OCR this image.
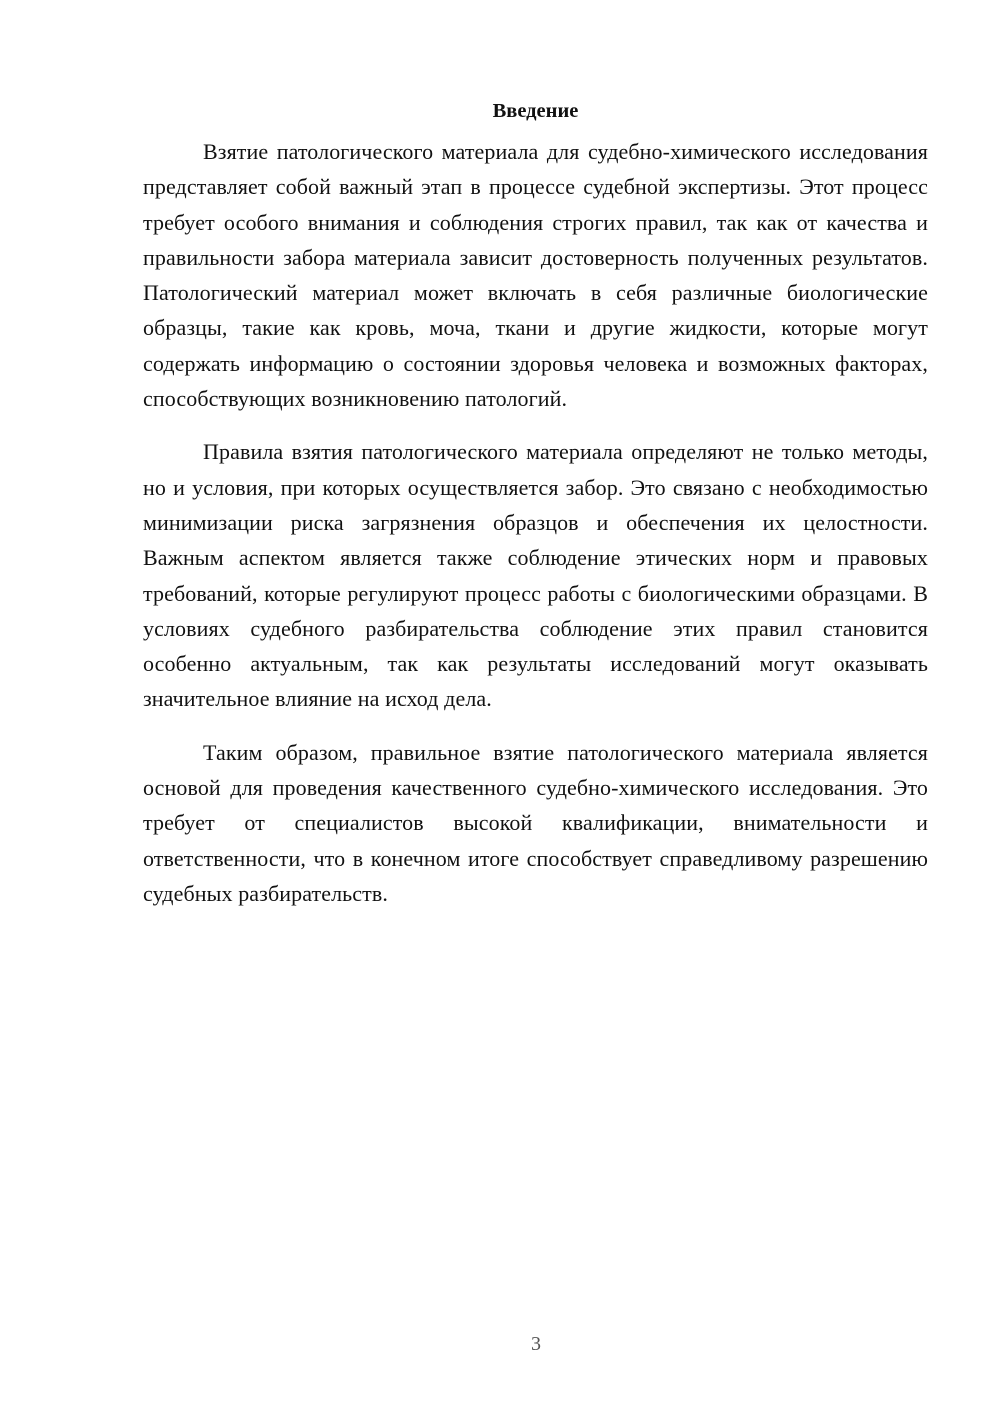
Введение

Взятие патологического материала для судебно-химического исследования представляет собой важный этап в процессе судебной экспертизы. Этот процесс требует особого внимания и соблюдения строгих правил, так как от качества и правильности забора материала зависит достоверность полученных результатов. Патологический материал может включать в себя различные биологические образцы, такие как кровь, моча, ткани и другие жидкости, которые могут содержать информацию о состоянии здоровья человека и возможных факторах, способствующих возникновению патологий.

Правила взятия патологического материала определяют не только методы, но и условия, при которых осуществляется забор. Это связано с необходимостью минимизации риска загрязнения образцов и обеспечения их целостности. Важным аспектом является также соблюдение этических норм и правовых требований, которые регулируют процесс работы с биологическими образцами. В условиях судебного разбирательства соблюдение этих правил становится особенно актуальным, так как результаты исследований могут оказывать значительное влияние на исход дела.

Таким образом, правильное взятие патологического материала является основой для проведения качественного судебно-химического исследования. Это требует от специалистов высокой квалификации, внимательности и ответственности, что в конечном итоге способствует справедливому разрешению судебных разбирательств.

3
